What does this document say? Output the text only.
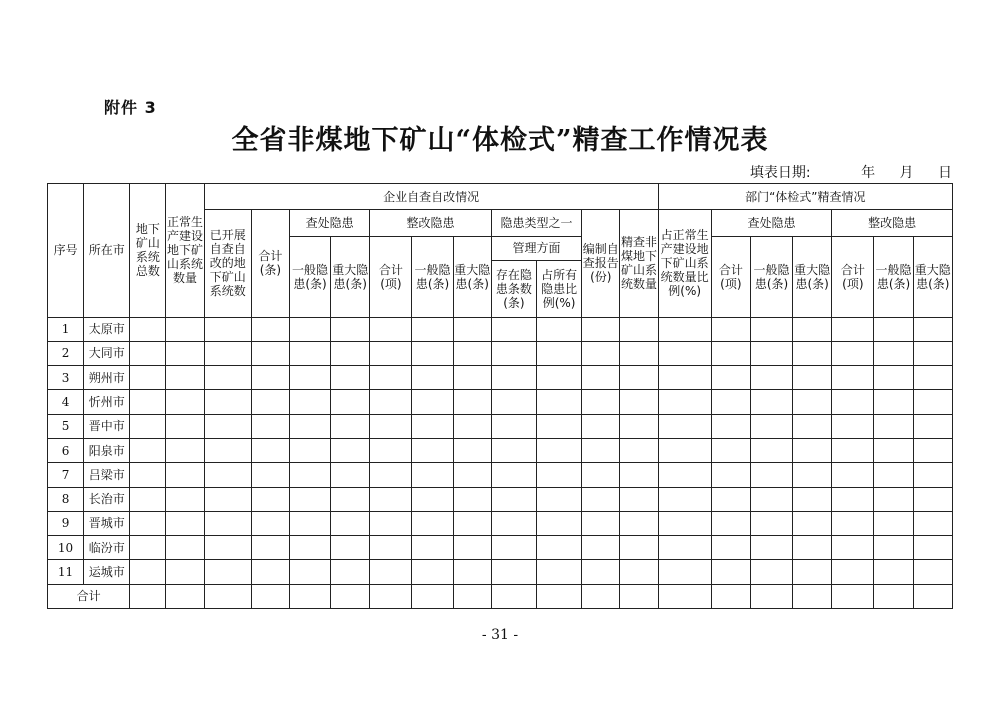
附件 3
全省非煤地下矿山“体检式”精查工作情况表
填表日期:	年 月 日
序号	所在市	地下矿山系统总数	正常生产建设地下矿山系统数量	企业自查自改情况											部门“体检式”精查情况						
				已开展自查自改的地下矿山系统数	合计(条)	查处隐患		整改隐患			隐患类型之一		编制自查报告(份)	精查非煤地下矿山系统数量	占正常生产建设地下矿山系统数量比例(%)	查处隐患			整改隐患		
						一般隐患(条)	重大隐患(条)	合计(项)	一般隐患(条)	重大隐患(条)	管理方面					合计(项)	一般隐患(条)	重大隐患(条)	合计(项)	一般隐患(条)	重大隐患(条)
											存在隐患条数(条)	占所有隐患比例(%)									
1	太原市																				
2	大同市																				
3	朔州市																				
4	忻州市																				
5	晋中市																				
6	阳泉市																				
7	吕梁市																				
8	长治市																				
9	晋城市																				
10	临汾市																				
11	运城市																				
合计																					
- 31 -
